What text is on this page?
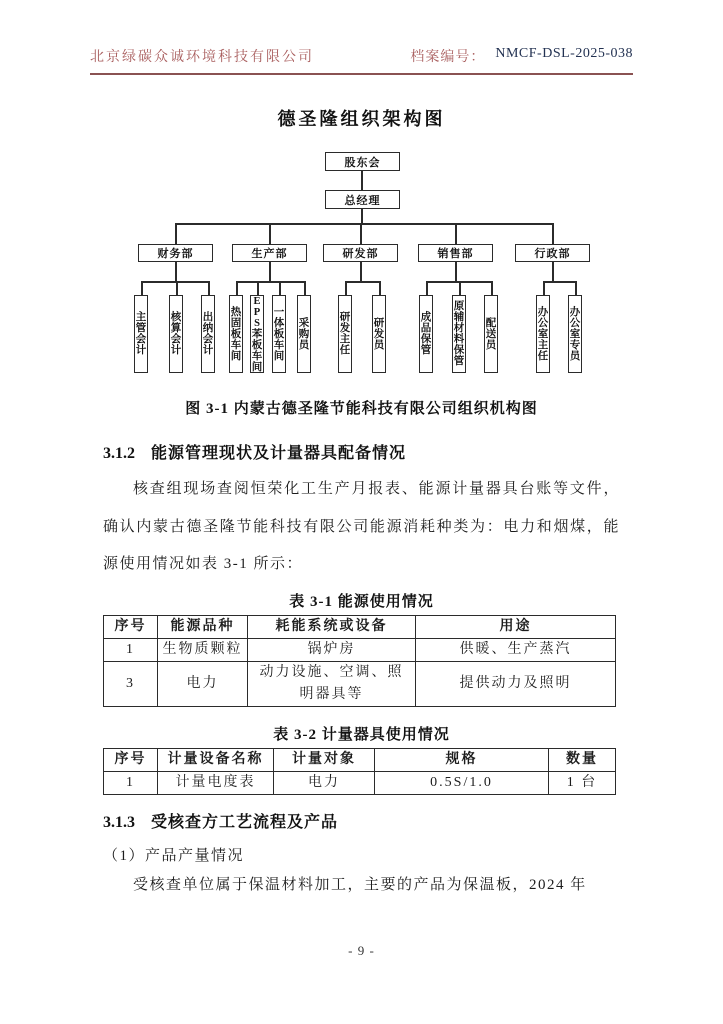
北京绿碳众诚环境科技有限公司	档案编号： NMCF-DSL-2025-038
德圣隆组织架构图
股东会
总经理
财务部	生产部	研发部	销售部	行政部
主管会计
核算会计
出纳会计
热固板车间
EPS苯板车间
一体板车间
采购员
研发主任
研发员
成品保管
原辅材料保管
配送员
办公室主任
办公室专员
图 3-1 内蒙古德圣隆节能科技有限公司组织机构图
3.1.2 能源管理现状及计量器具配备情况
核查组现场查阅恒荣化工生产月报表、能源计量器具台账等文件，确认内蒙古德圣隆节能科技有限公司能源消耗种类为：电力和烟煤，能源使用情况如表 3-1 所示：
表 3-1 能源使用情况
序号	能源品种	耗能系统或设备	用途
1	生物质颗粒	锅炉房	供暖、生产蒸汽
3	电力	动力设施、空调、照明器具等	提供动力及照明
表 3-2 计量器具使用情况
序号	计量设备名称	计量对象	规格	数量
1	计量电度表	电力	0.5S/1.0	1 台
3.1.3 受核查方工艺流程及产品
（1）产品产量情况
受核查单位属于保温材料加工，主要的产品为保温板，2024 年
- 9 -
